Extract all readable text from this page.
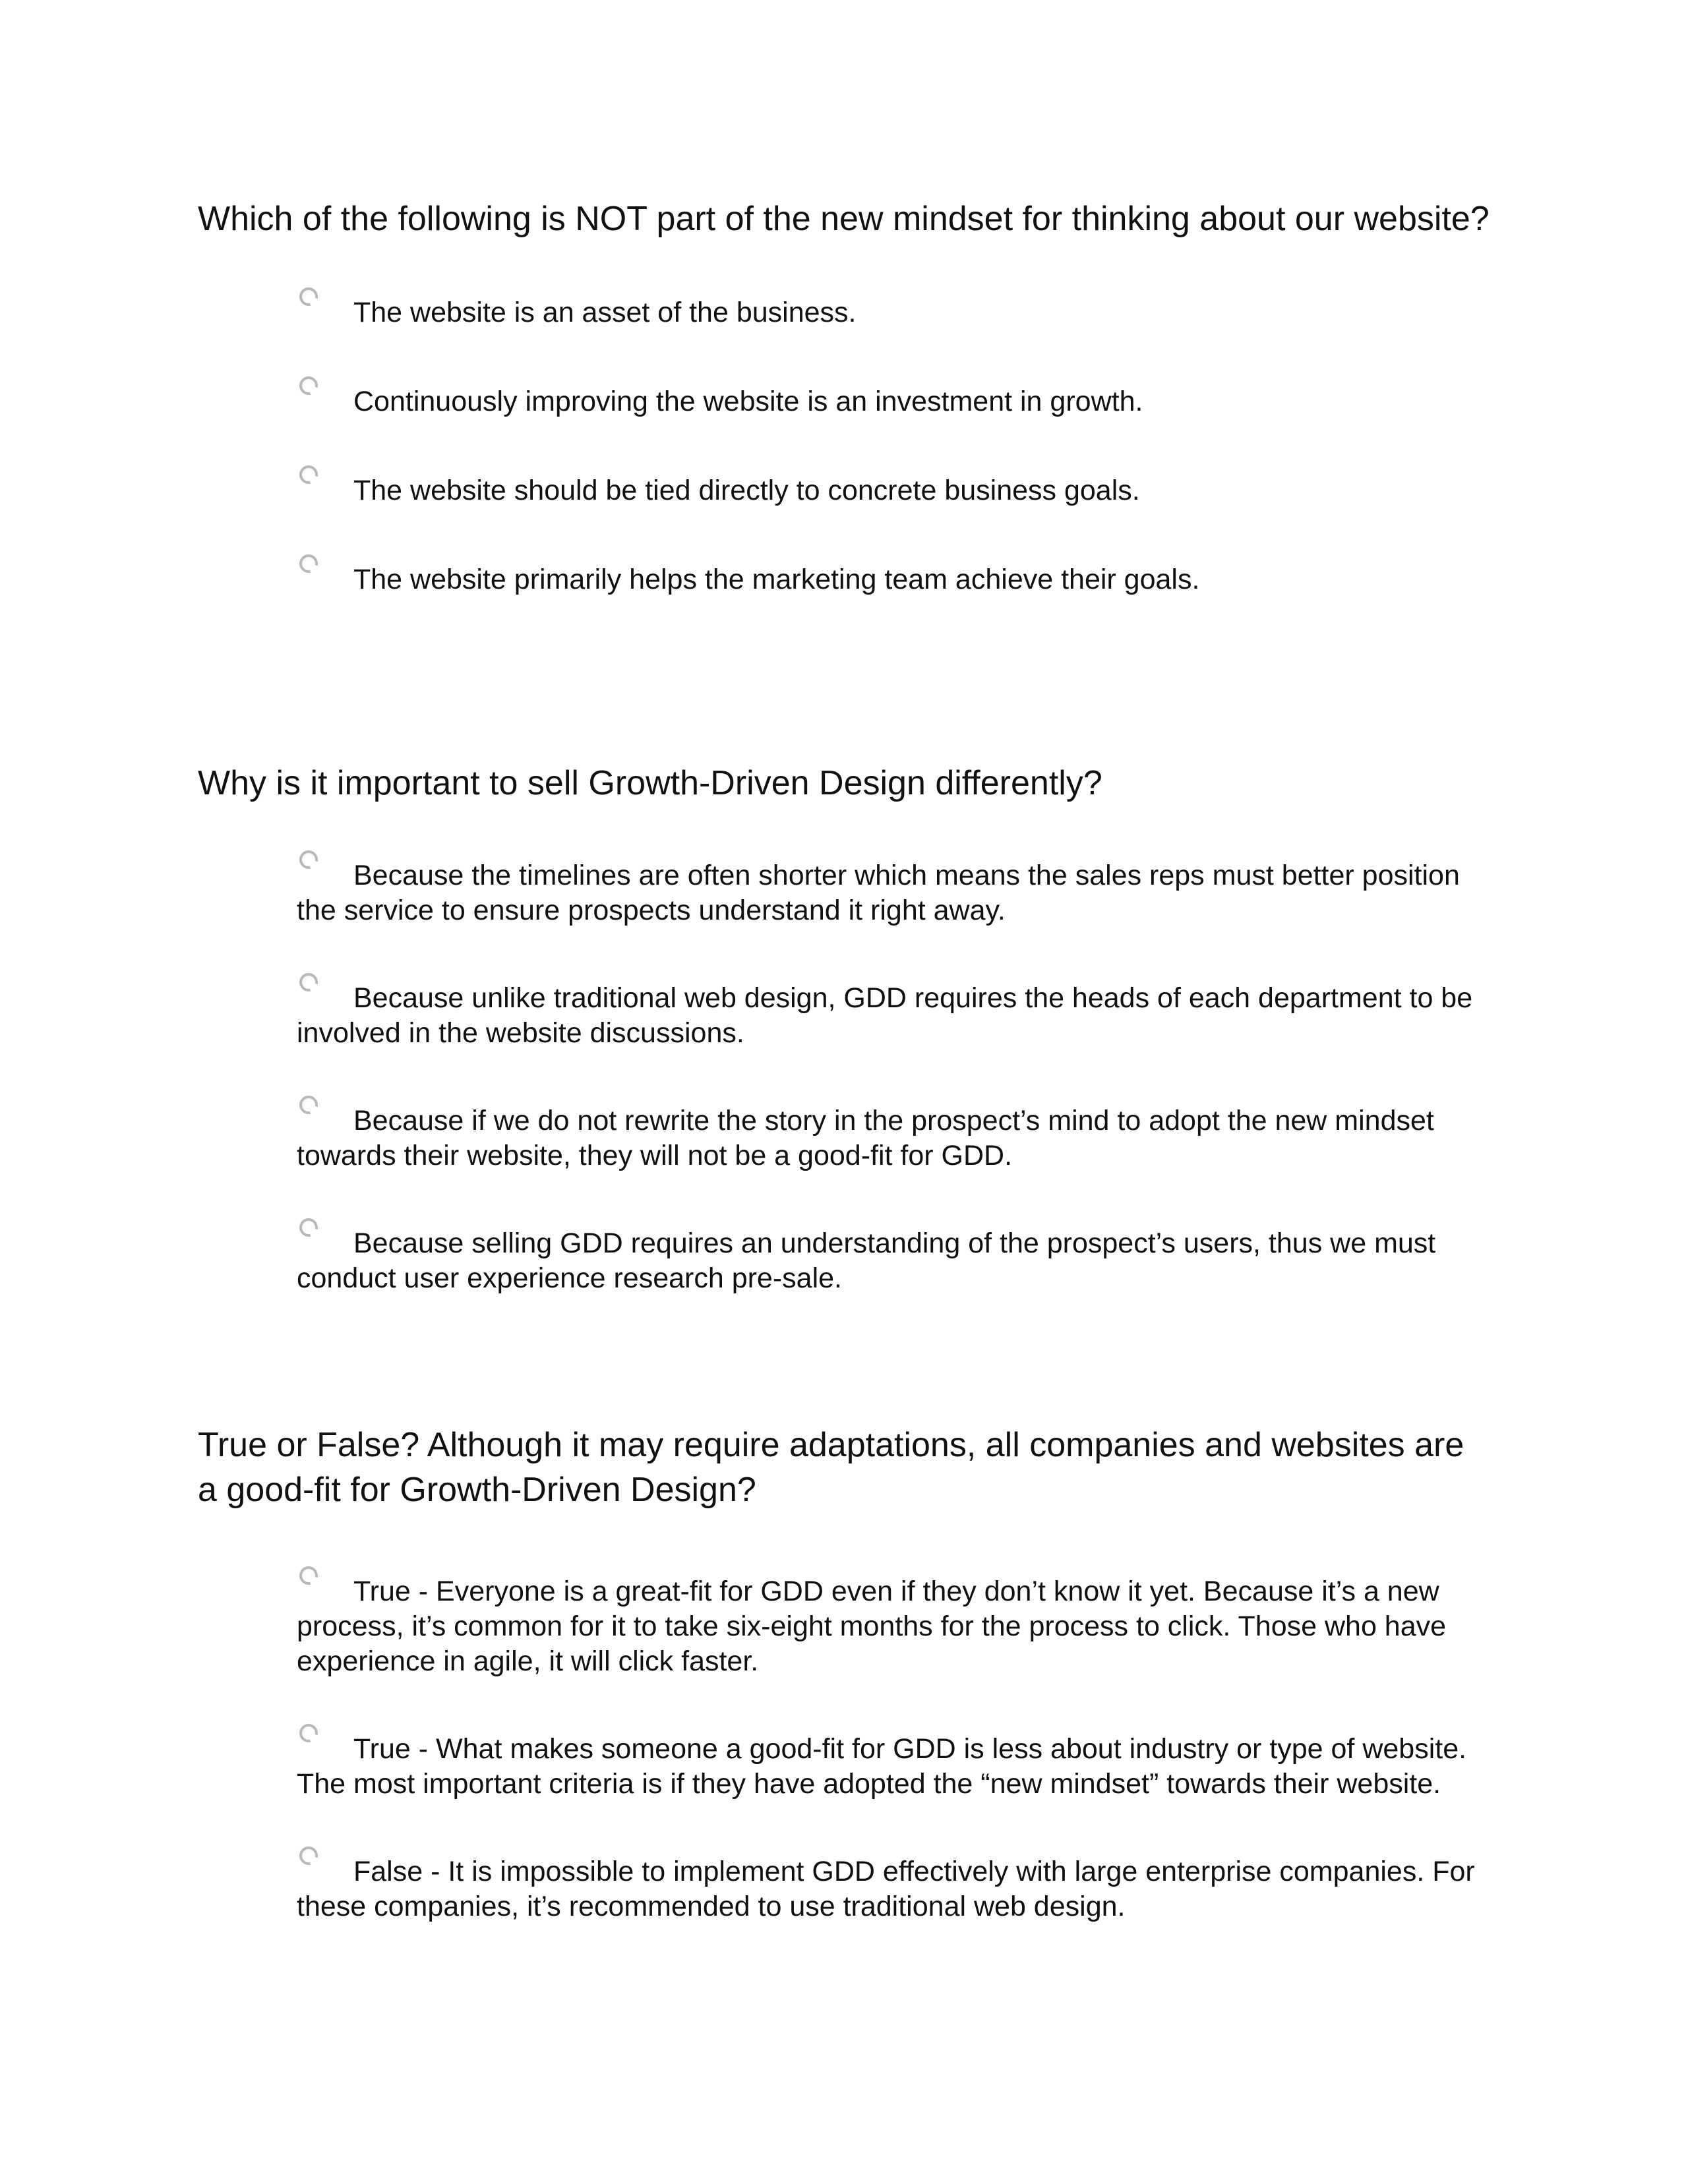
Which of the following is NOT part of the new mindset for thinking about our website?

The website is an asset of the business.
Continuously improving the website is an investment in growth.
The website should be tied directly to concrete business goals.
The website primarily helps the marketing team achieve their goals.

Why is it important to sell Growth-Driven Design differently?

Because the timelines are often shorter which means the sales reps must better position the service to ensure prospects understand it right away.
Because unlike traditional web design, GDD requires the heads of each department to be involved in the website discussions.
Because if we do not rewrite the story in the prospect’s mind to adopt the new mindset towards their website, they will not be a good-fit for GDD.
Because selling GDD requires an understanding of the prospect’s users, thus we must conduct user experience research pre-sale.

True or False? Although it may require adaptations, all companies and websites are a good-fit for Growth-Driven Design?

True - Everyone is a great-fit for GDD even if they don’t know it yet. Because it’s a new process, it’s common for it to take six-eight months for the process to click. Those who have experience in agile, it will click faster.
True - What makes someone a good-fit for GDD is less about industry or type of website. The most important criteria is if they have adopted the “new mindset” towards their website.
False - It is impossible to implement GDD effectively with large enterprise companies. For these companies, it’s recommended to use traditional web design.
